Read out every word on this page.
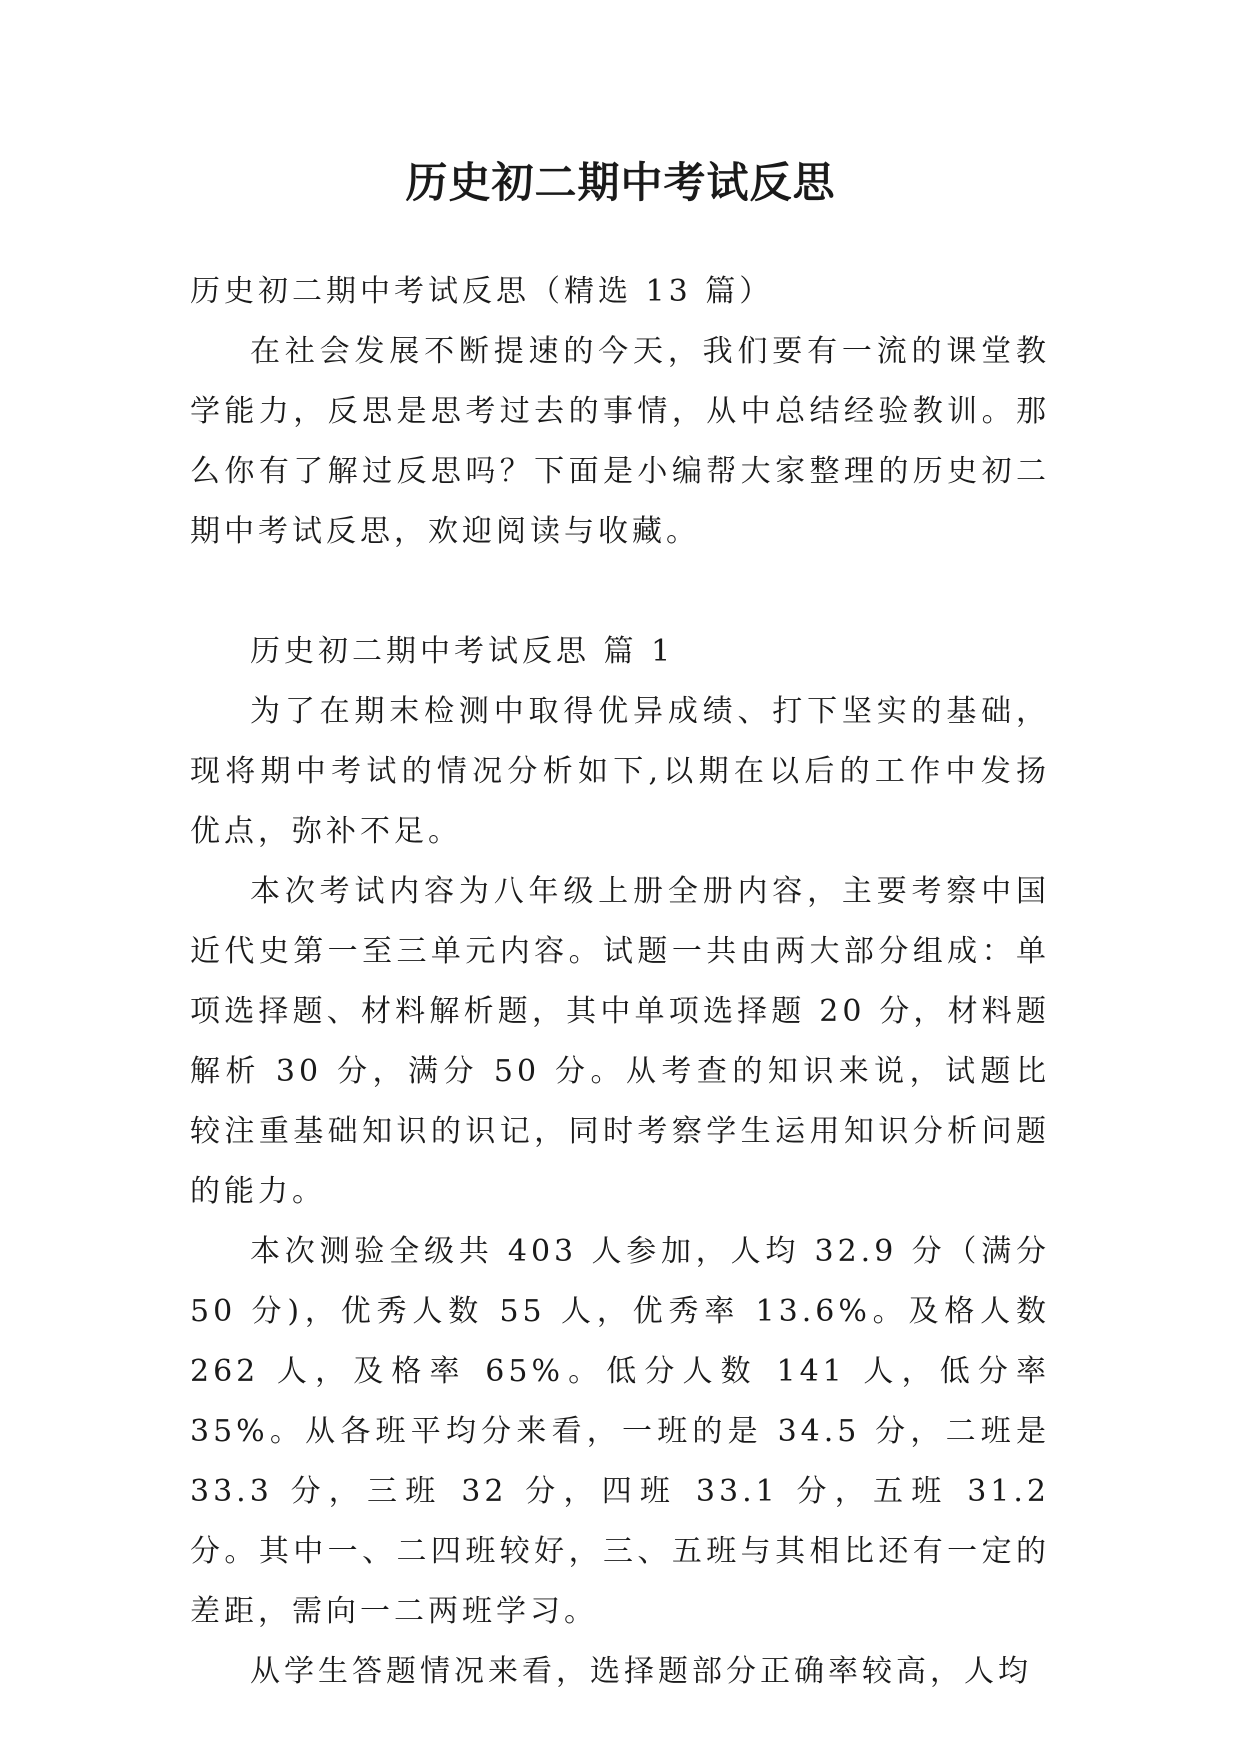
历史初二期中考试反思

历史初二期中考试反思（精选 13 篇）

在社会发展不断提速的今天，我们要有一流的课堂教学能力，反思是思考过去的事情，从中总结经验教训。那么你有了解过反思吗？下面是小编帮大家整理的历史初二期中考试反思，欢迎阅读与收藏。

历史初二期中考试反思 篇 1

为了在期末检测中取得优异成绩、打下坚实的基础，现将期中考试的情况分析如下,以期在以后的工作中发扬优点，弥补不足。

本次考试内容为八年级上册全册内容，主要考察中国近代史第一至三单元内容。试题一共由两大部分组成：单项选择题、材料解析题，其中单项选择题 20 分，材料题解析 30 分，满分 50 分。从考查的知识来说，试题比较注重基础知识的识记，同时考察学生运用知识分析问题的能力。

本次测验全级共 403 人参加，人均 32.9 分（满分 50 分)，优秀人数 55 人，优秀率 13.6%。及格人数 262 人，及格率 65%。低分人数 141 人，低分率 35%。从各班平均分来看，一班的是 34.5 分，二班是 33.3 分，三班 32 分，四班 33.1 分，五班 31.2 分。其中一、二四班较好，三、五班与其相比还有一定的差距，需向一二两班学习。

从学生答题情况来看，选择题部分正确率较高，人均
